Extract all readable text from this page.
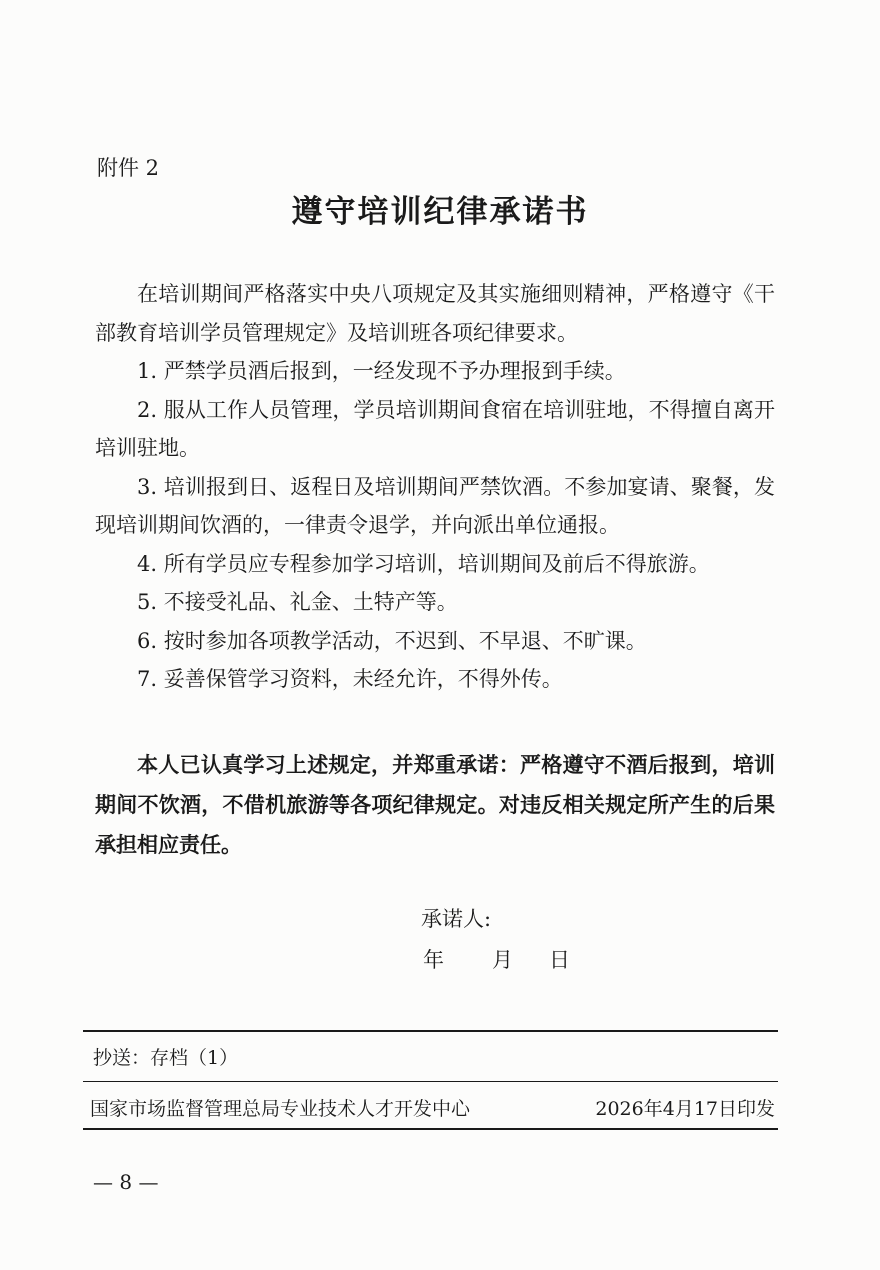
附件 2
遵守培训纪律承诺书

在培训期间严格落实中央八项规定及其实施细则精神，严格遵守《干部教育培训学员管理规定》及培训班各项纪律要求。

1. 严禁学员酒后报到，一经发现不予办理报到手续。

2. 服从工作人员管理，学员培训期间食宿在培训驻地，不得擅自离开培训驻地。

3. 培训报到日、返程日及培训期间严禁饮酒。不参加宴请、聚餐，发现培训期间饮酒的，一律责令退学，并向派出单位通报。

4. 所有学员应专程参加学习培训，培训期间及前后不得旅游。

5. 不接受礼品、礼金、土特产等。

6. 按时参加各项教学活动，不迟到、不早退、不旷课。

7. 妥善保管学习资料，未经允许，不得外传。

本人已认真学习上述规定，并郑重承诺：严格遵守不酒后报到，培训期间不饮酒，不借机旅游等各项纪律规定。对违反相关规定所产生的后果承担相应责任。

承诺人:
年 月 日
抄送：存档（1）
国家市场监督管理总局专业技术人才开发中心	2026年4月17日印发
— 8 —
